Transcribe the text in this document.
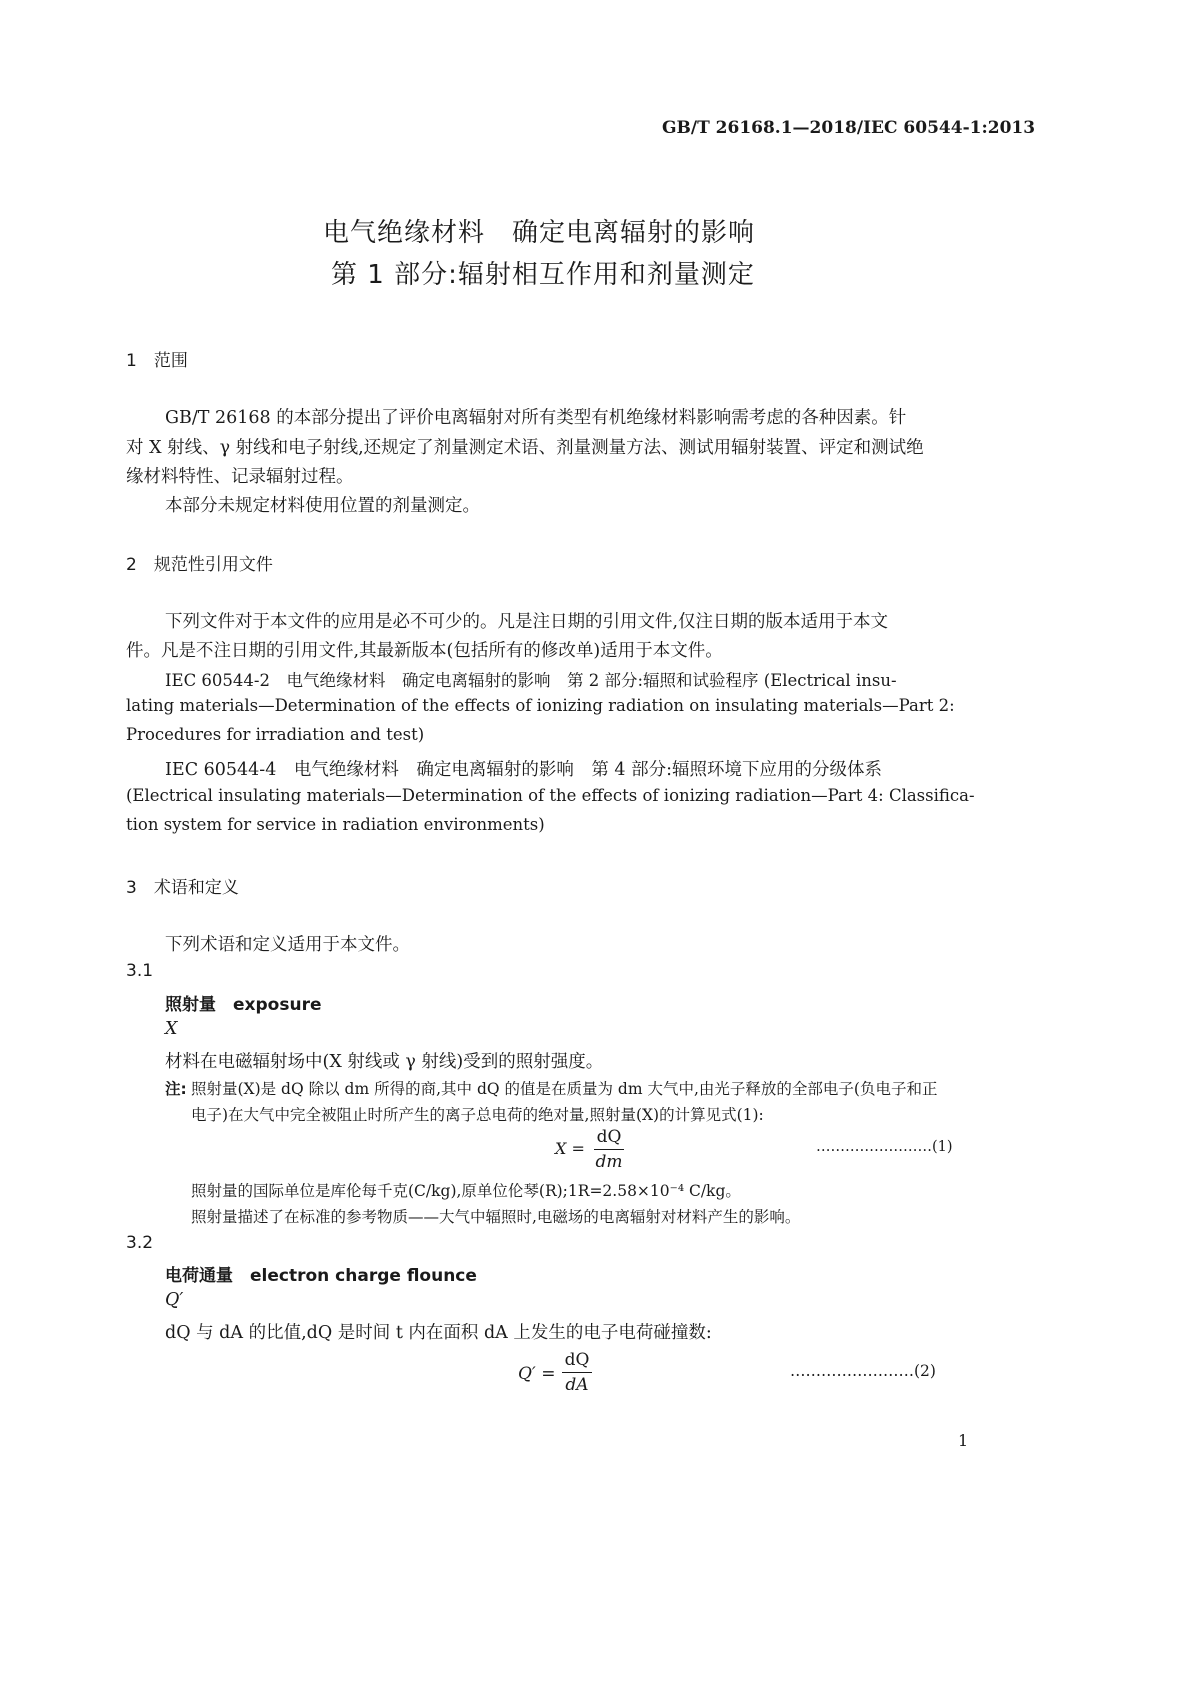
GB/T 26168.1—2018/IEC 60544-1:2013
电气绝缘材料　确定电离辐射的影响
第 1 部分:辐射相互作用和剂量测定
1　范围
GB/T 26168 的本部分提出了评价电离辐射对所有类型有机绝缘材料影响需考虑的各种因素。针
对 X 射线、γ 射线和电子射线,还规定了剂量测定术语、剂量测量方法、测试用辐射装置、评定和测试绝
缘材料特性、记录辐射过程。
本部分未规定材料使用位置的剂量测定。
2　规范性引用文件
下列文件对于本文件的应用是必不可少的。凡是注日期的引用文件,仅注日期的版本适用于本文
件。凡是不注日期的引用文件,其最新版本(包括所有的修改单)适用于本文件。
IEC 60544-2　电气绝缘材料　确定电离辐射的影响　第 2 部分:辐照和试验程序 (Electrical insu-
lating materials—Determination of the effects of ionizing radiation on insulating materials—Part 2:
Procedures for irradiation and test)
IEC 60544-4　电气绝缘材料　确定电离辐射的影响　第 4 部分:辐照环境下应用的分级体系
(Electrical insulating materials—Determination of the effects of ionizing radiation—Part 4: Classifica-
tion system for service in radiation environments)
3　术语和定义
下列术语和定义适用于本文件。
3.1
照射量　exposure
X
材料在电磁辐射场中(X 射线或 γ 射线)受到的照射强度。
注: 照射量(X)是 dQ 除以 dm 所得的商,其中 dQ 的值是在质量为 dm 大气中,由光子释放的全部电子(负电子和正
电子)在大气中完全被阻止时所产生的离子总电荷的绝对量,照射量(X)的计算见式(1):
X =
dQ
dm
……………………(1)
照射量的国际单位是库伦每千克(C/kg),原单位伦琴(R);1R=2.58×10⁻⁴ C/kg。
照射量描述了在标准的参考物质——大气中辐照时,电磁场的电离辐射对材料产生的影响。
3.2
电荷通量　electron charge flounce
Q′
dQ 与 dA 的比值,dQ 是时间 t 内在面积 dA 上发生的电子电荷碰撞数:
Q′ =
dQ
dA
……………………(2)
1
